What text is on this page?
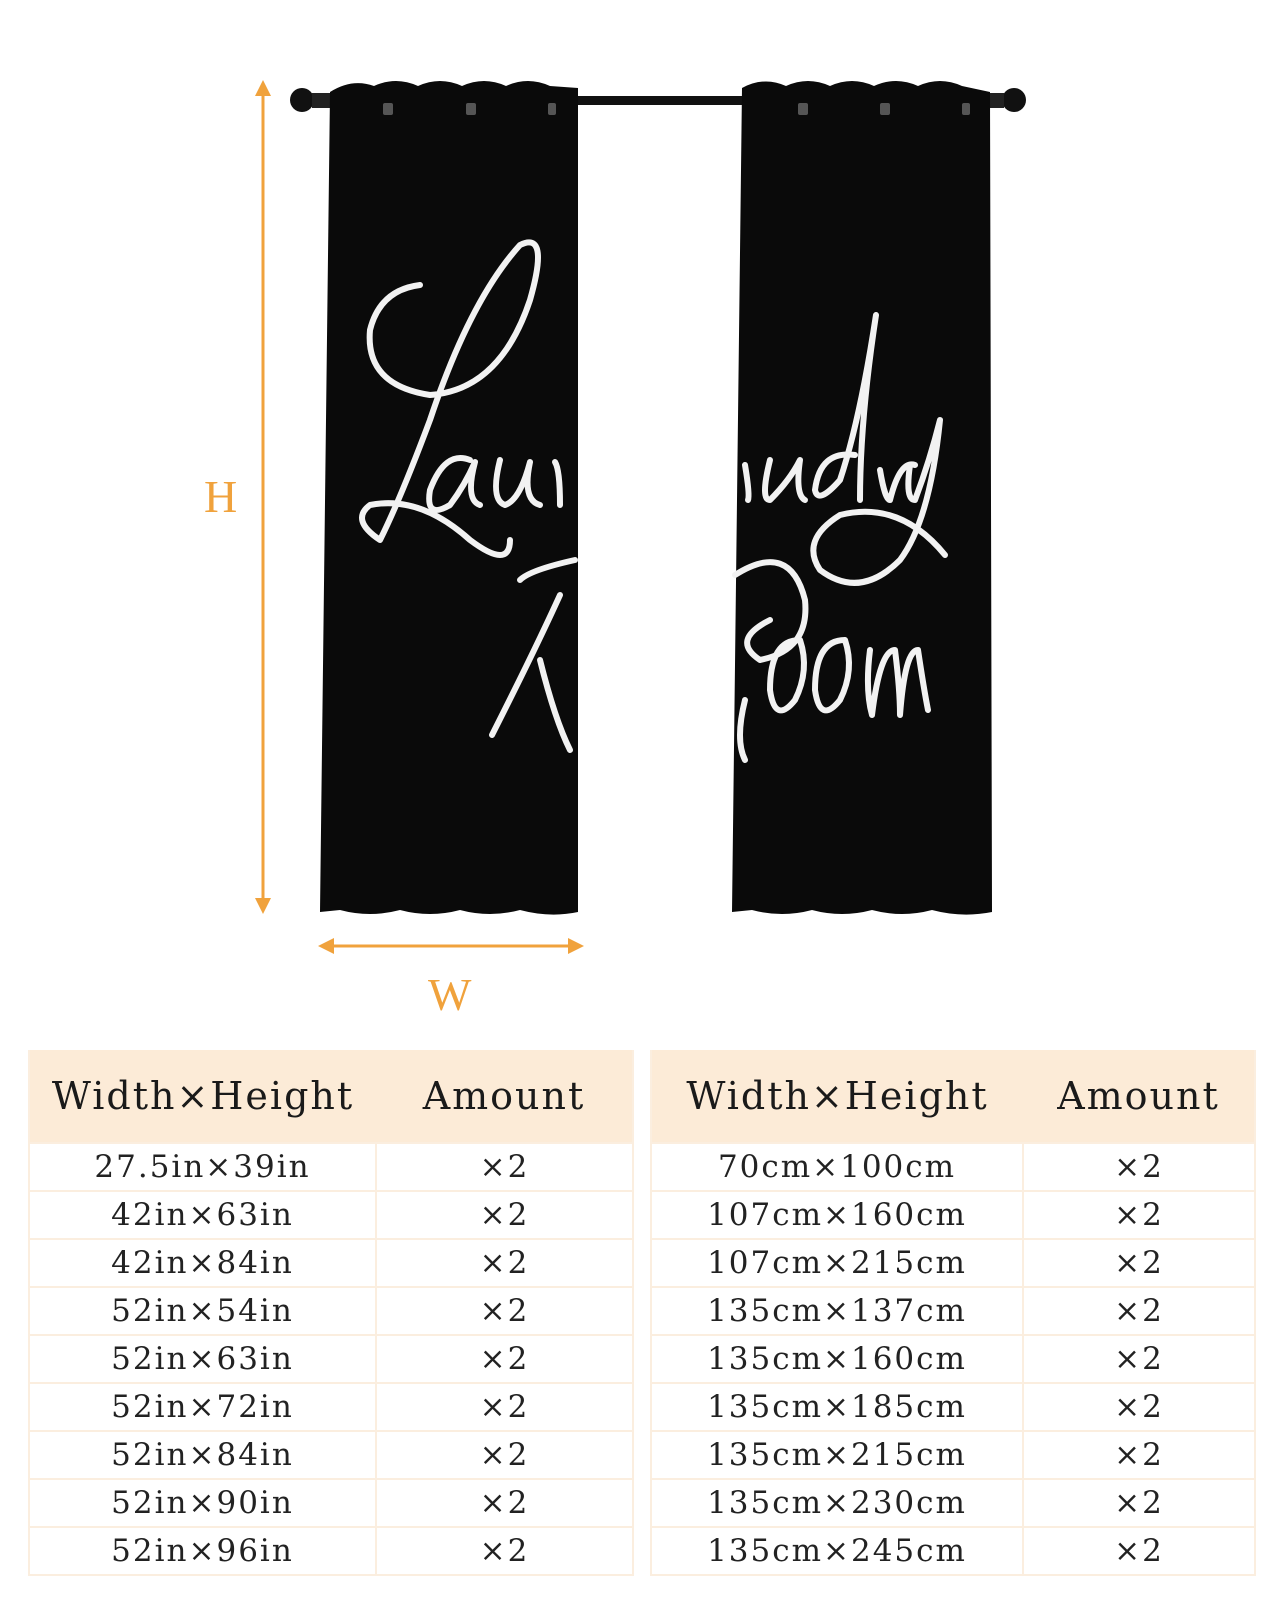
H
W
Width×Height	Amount
27.5in×39in	×2
42in×63in	×2
42in×84in	×2
52in×54in	×2
52in×63in	×2
52in×72in	×2
52in×84in	×2
52in×90in	×2
52in×96in	×2
Width×Height	Amount
70cm×100cm	×2
107cm×160cm	×2
107cm×215cm	×2
135cm×137cm	×2
135cm×160cm	×2
135cm×185cm	×2
135cm×215cm	×2
135cm×230cm	×2
135cm×245cm	×2
